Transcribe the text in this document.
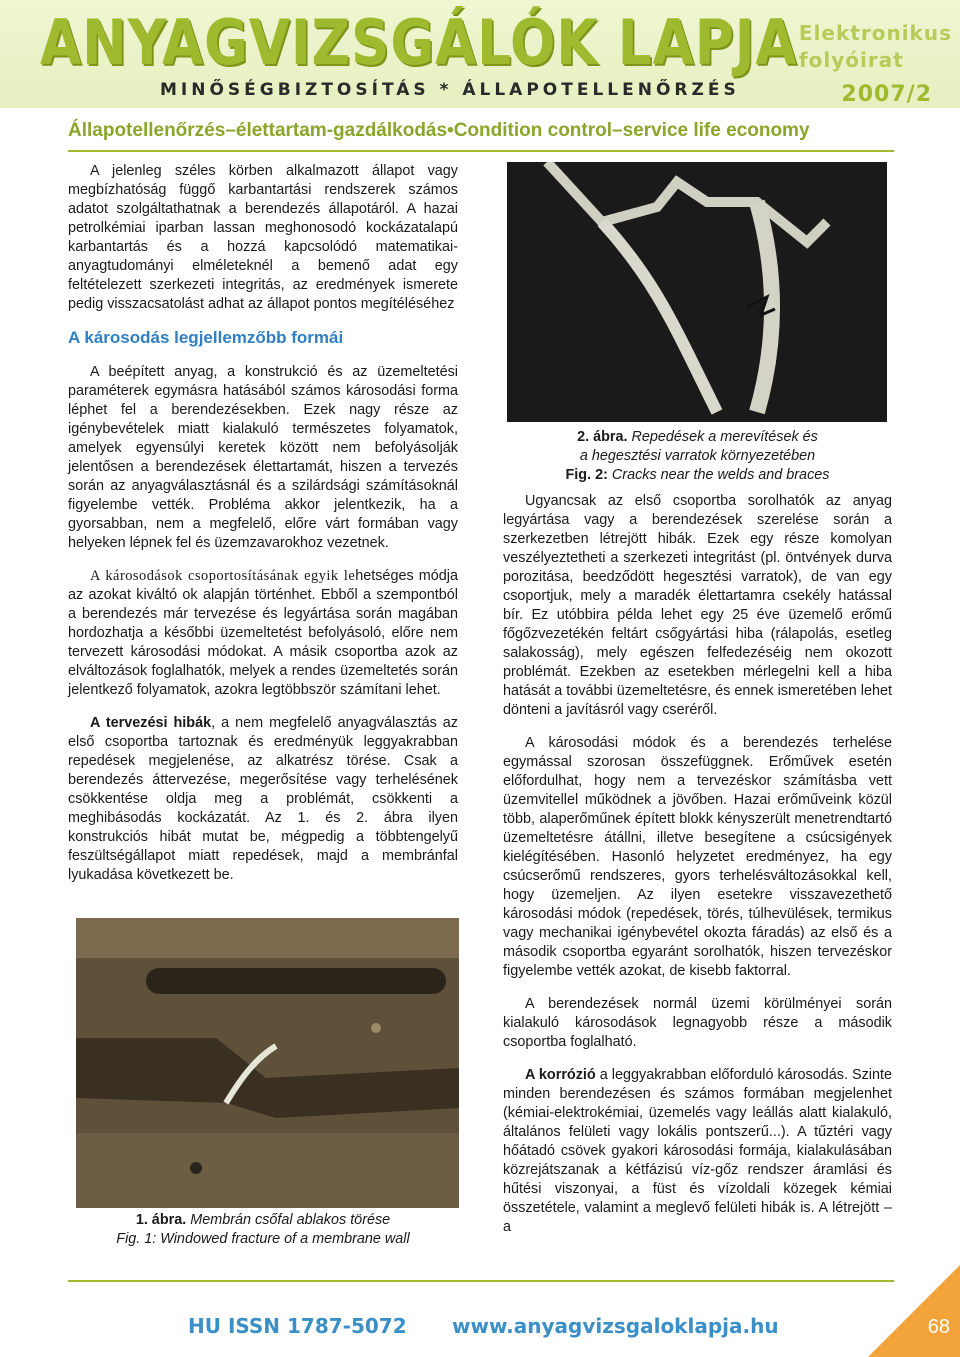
ANYAGVIZSGÁLÓK LAPJA
MINŐSÉGBIZTOSÍTÁS * ÁLLAPOTELLENŐRZÉS
Elektronikus
folyóirat
2007/2
Állapotellenőrzés–élettartam-gazdálkodás•Condition control–service life economy

A jelenleg széles körben alkalmazott állapot vagy megbízhatóság függő karbantartási rendszerek számos adatot szolgáltathatnak a berendezés állapotáról. A hazai petrolkémiai iparban lassan meghonosodó kockázatalapú karbantartás és a hozzá kapcsolódó matematikai-anyagtudományi elméleteknél a bemenő adat egy feltételezett szerkezeti integritás, az eredmények ismerete pedig visszacsatolást adhat az állapot pontos megítéléséhez

A károsodás legjellemzőbb formái

A beépített anyag, a konstrukció és az üzemeltetési paraméterek egymásra hatásából számos károsodási forma léphet fel a berendezésekben. Ezek nagy része az igénybevételek miatt kialakuló természetes folyamatok, amelyek egyensúlyi keretek között nem befolyásolják jelentősen a berendezések élettartamát, hiszen a tervezés során az anyagválasztásnál és a szilárdsági számításoknál figyelembe vették. Probléma akkor jelentkezik, ha a gyorsabban, nem a megfelelő, előre várt formában vagy helyeken lépnek fel és üzemzavarokhoz vezetnek.

A károsodások csoportosításának egyik lehetséges módja az azokat kiváltó ok alapján történhet. Ebből a szempontból a berendezés már tervezése és legyártása során magában hordozhatja a későbbi üzemeltetést befolyásoló, előre nem tervezett károsodási módokat. A másik csoportba azok az elváltozások foglalhatók, melyek a rendes üzemeltetés során jelentkező folyamatok, azokra legtöbbször számítani lehet.

A tervezési hibák, a nem megfelelő anyagválasztás az első csoportba tartoznak és eredményük leggyakrabban repedések megjelenése, az alkatrész törése. Csak a berendezés áttervezése, megerősítése vagy terhelésének csökkentése oldja meg a problémát, csökkenti a meghibásodás kockázatát. Az 1. és 2. ábra ilyen konstrukciós hibát mutat be, mégpedig a többtengelyű feszültségállapot miatt repedések, majd a membránfal lyukadása következett be.

2. ábra. Repedések a merevítések és
a hegesztési varratok környezetében
Fig. 2: Cracks near the welds and braces

Ugyancsak az első csoportba sorolhatók az anyag legyártása vagy a berendezések szerelése során a szerkezetben létrejött hibák. Ezek egy része komolyan veszélyeztetheti a szerkezeti integritást (pl. öntvények durva porozitása, beedződött hegesztési varratok), de van egy csoportjuk, mely a maradék élettartamra csekély hatással bír. Ez utóbbira példa lehet egy 25 éve üzemelő erőmű főgőzvezetékén feltárt csőgyártási hiba (rálapolás, esetleg salakosság), mely egészen felfedezéséig nem okozott problémát. Ezekben az esetekben mérlegelni kell a hiba hatását a további üzemeltetésre, és ennek ismeretében lehet dönteni a javításról vagy cseréről.

A károsodási módok és a berendezés terhelése egymással szorosan összefüggnek. Erőművek esetén előfordulhat, hogy nem a tervezéskor számításba vett üzemvitellel működnek a jövőben. Hazai erőműveink közül több, alaperőműnek épített blokk kényszerült menetrendtartó üzemeltetésre átállni, illetve besegítene a csúcsigények kielégítésében. Hasonló helyzetet eredményez, ha egy csúcserőmű rendszeres, gyors terhelésváltozásokkal kell, hogy üzemeljen. Az ilyen esetekre visszavezethető károsodási módok (repedések, törés, túlhevülések, termikus vagy mechanikai igénybevétel okozta fáradás) az első és a második csoportba egyaránt sorolhatók, hiszen tervezéskor figyelembe vették azokat, de kisebb faktorral.

A berendezések normál üzemi körülményei során kialakuló károsodások legnagyobb része a második csoportba foglalható.

A korrózió a leggyakrabban előforduló károsodás. Szinte minden berendezésen és számos formában megjelenhet (kémiai-elektrokémiai, üzemelés vagy leállás alatt kialakuló, általános felületi vagy lokális pontszerű...). A tűztéri vagy hőátadó csövek gyakori károsodási formája, kialakulásában közrejátszanak a kétfázisú víz-gőz rendszer áramlási és hűtési viszonyai, a füst és vízoldali közegek kémiai összetétele, valamint a meglevő felületi hibák is. A létrejött – a

1. ábra. Membrán csőfal ablakos törése
Fig. 1: Windowed fracture of a membrane wall
HU ISSN 1787-5072 www.anyagvizsgaloklapja.hu	68
